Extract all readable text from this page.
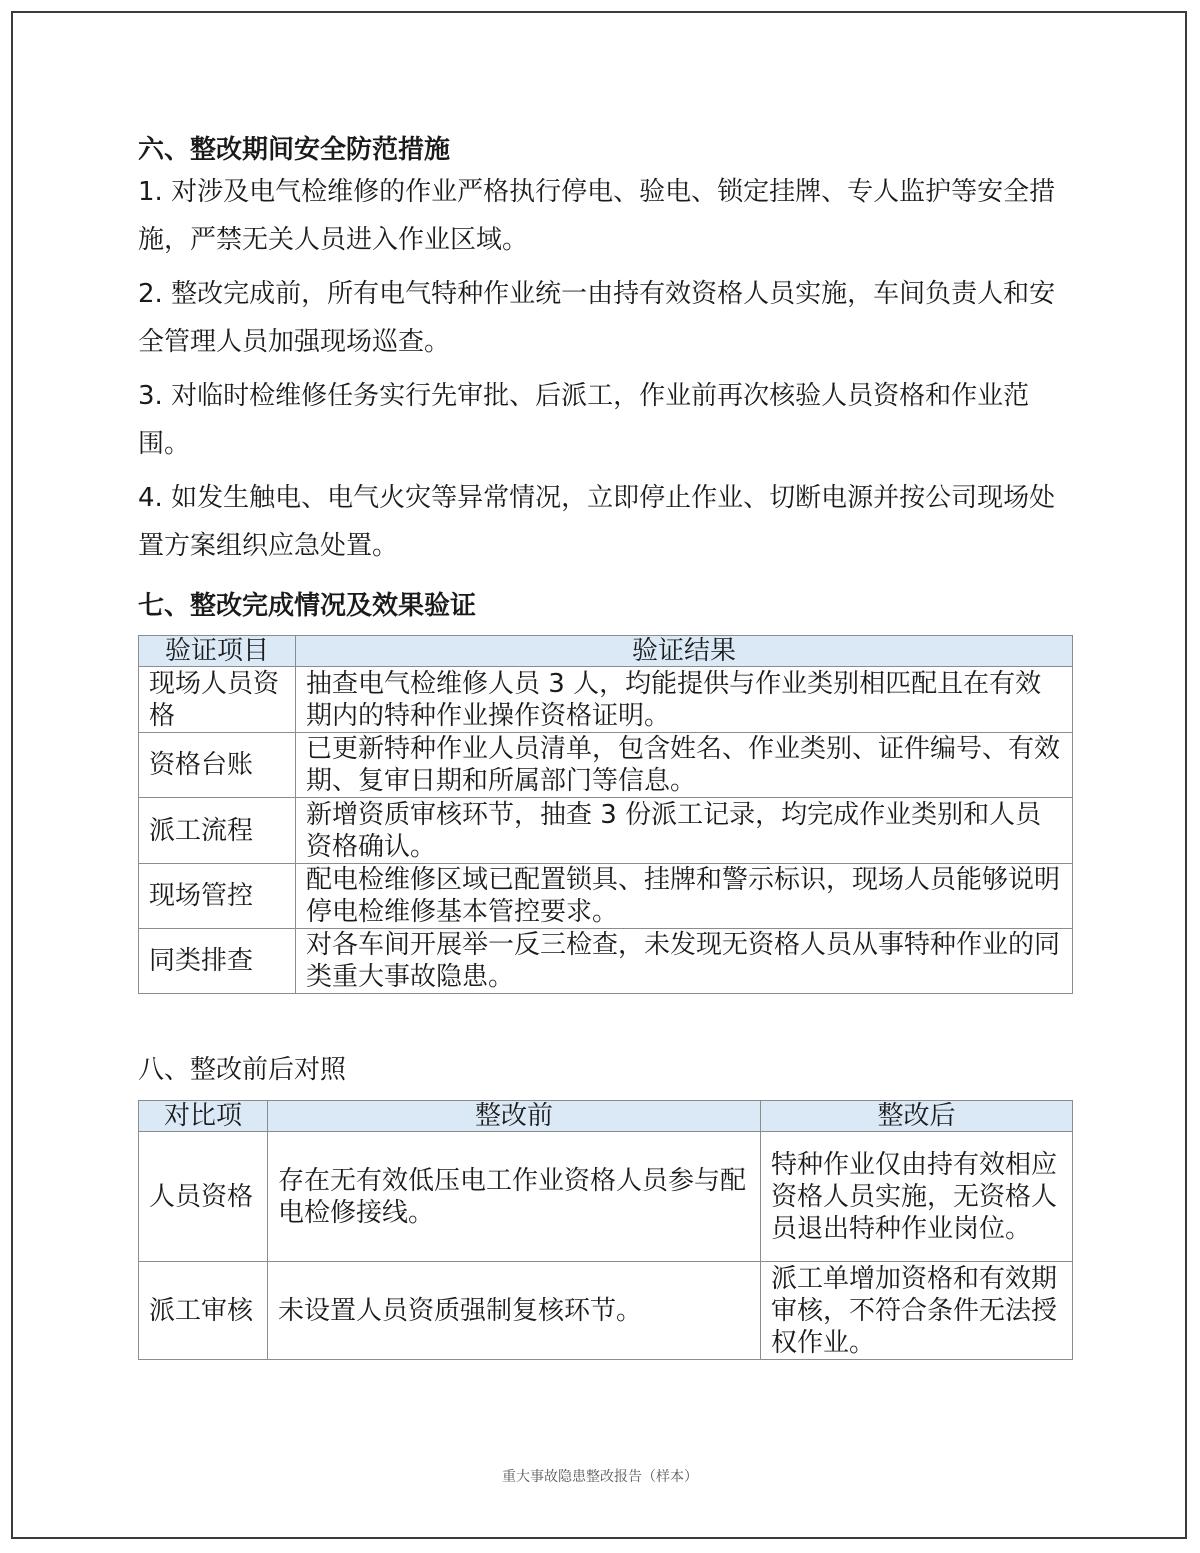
六、整改期间安全防范措施

1. 对涉及电气检维修的作业严格执行停电、验电、锁定挂牌、专人监护等安全措施，严禁无关人员进入作业区域。

2. 整改完成前，所有电气特种作业统一由持有效资格人员实施，车间负责人和安全管理人员加强现场巡查。

3. 对临时检维修任务实行先审批、后派工，作业前再次核验人员资格和作业范围。

4. 如发生触电、电气火灾等异常情况，立即停止作业、切断电源并按公司现场处置方案组织应急处置。

七、整改完成情况及效果验证
验证项目	验证结果
现场人员资格	抽查电气检维修人员 3 人，均能提供与作业类别相匹配且在有效期内的特种作业操作资格证明。
资格台账	已更新特种作业人员清单，包含姓名、作业类别、证件编号、有效期、复审日期和所属部门等信息。
派工流程	新增资质审核环节，抽查 3 份派工记录，均完成作业类别和人员资格确认。
现场管控	配电检维修区域已配置锁具、挂牌和警示标识，现场人员能够说明停电检维修基本管控要求。
同类排查	对各车间开展举一反三检查，未发现无资格人员从事特种作业的同类重大事故隐患。
八、整改前后对照
对比项	整改前	整改后
人员资格	存在无有效低压电工作业资格人员参与配电检修接线。	特种作业仅由持有效相应资格人员实施，无资格人员退出特种作业岗位。
派工审核	未设置人员资质强制复核环节。	派工单增加资格和有效期审核，不符合条件无法授权作业。
重大事故隐患整改报告（样本）
